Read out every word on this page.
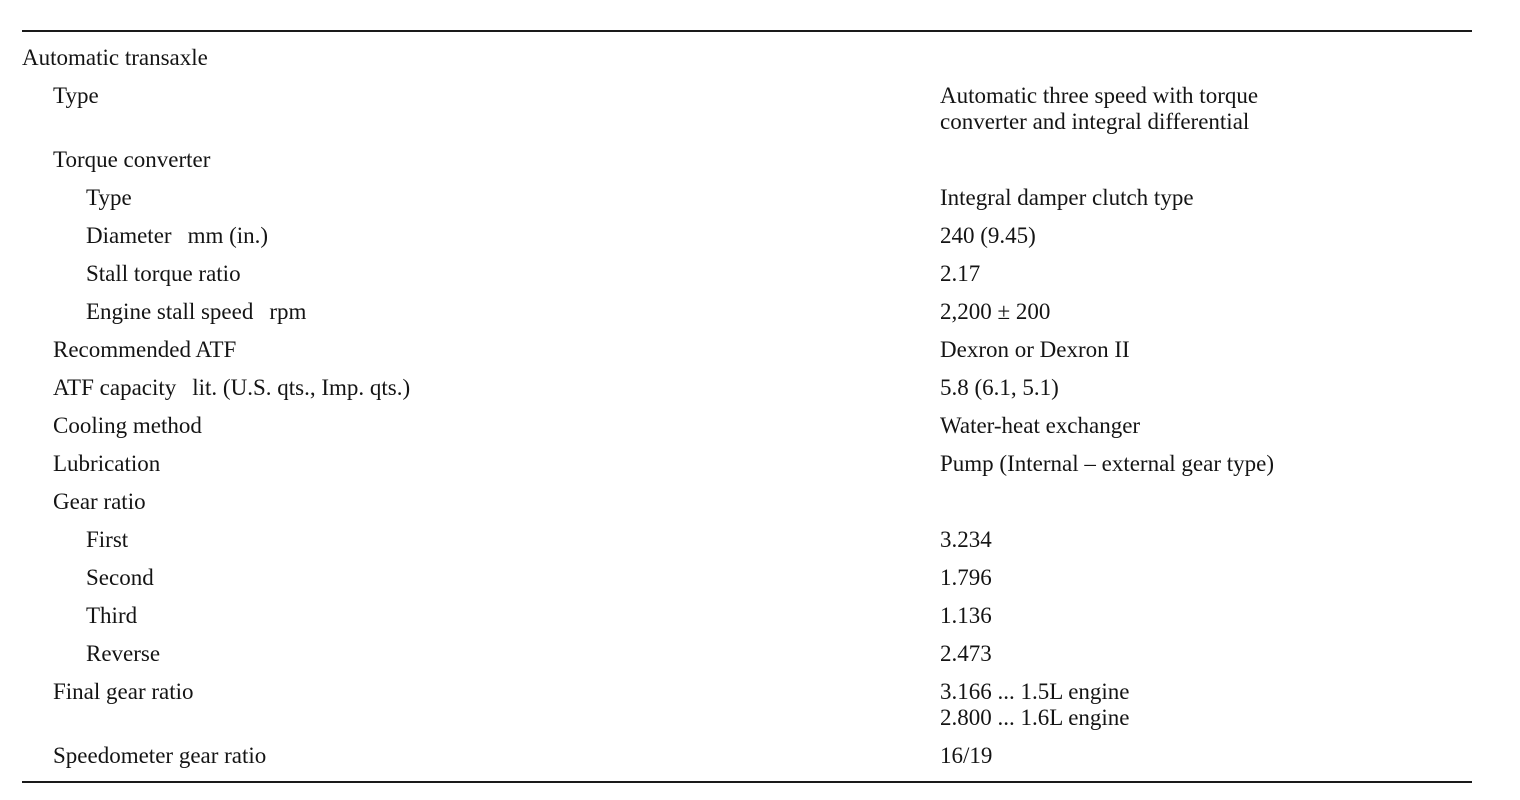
Automatic transaxle
Type	Automatic three speed with torque
converter and integral differential
Torque converter
Type	Integral damper clutch type
Diameter mm (in.)	240 (9.45)
Stall torque ratio	2.17
Engine stall speed rpm	2,200 ± 200
Recommended ATF	Dexron or Dexron II
ATF capacity lit. (U.S. qts., Imp. qts.)	5.8 (6.1, 5.1)
Cooling method	Water-heat exchanger
Lubrication	Pump (Internal – external gear type)
Gear ratio
First	3.234
Second	1.796
Third	1.136
Reverse	2.473
Final gear ratio	3.166 ... 1.5L engine
2.800 ... 1.6L engine
Speedometer gear ratio	16/19
